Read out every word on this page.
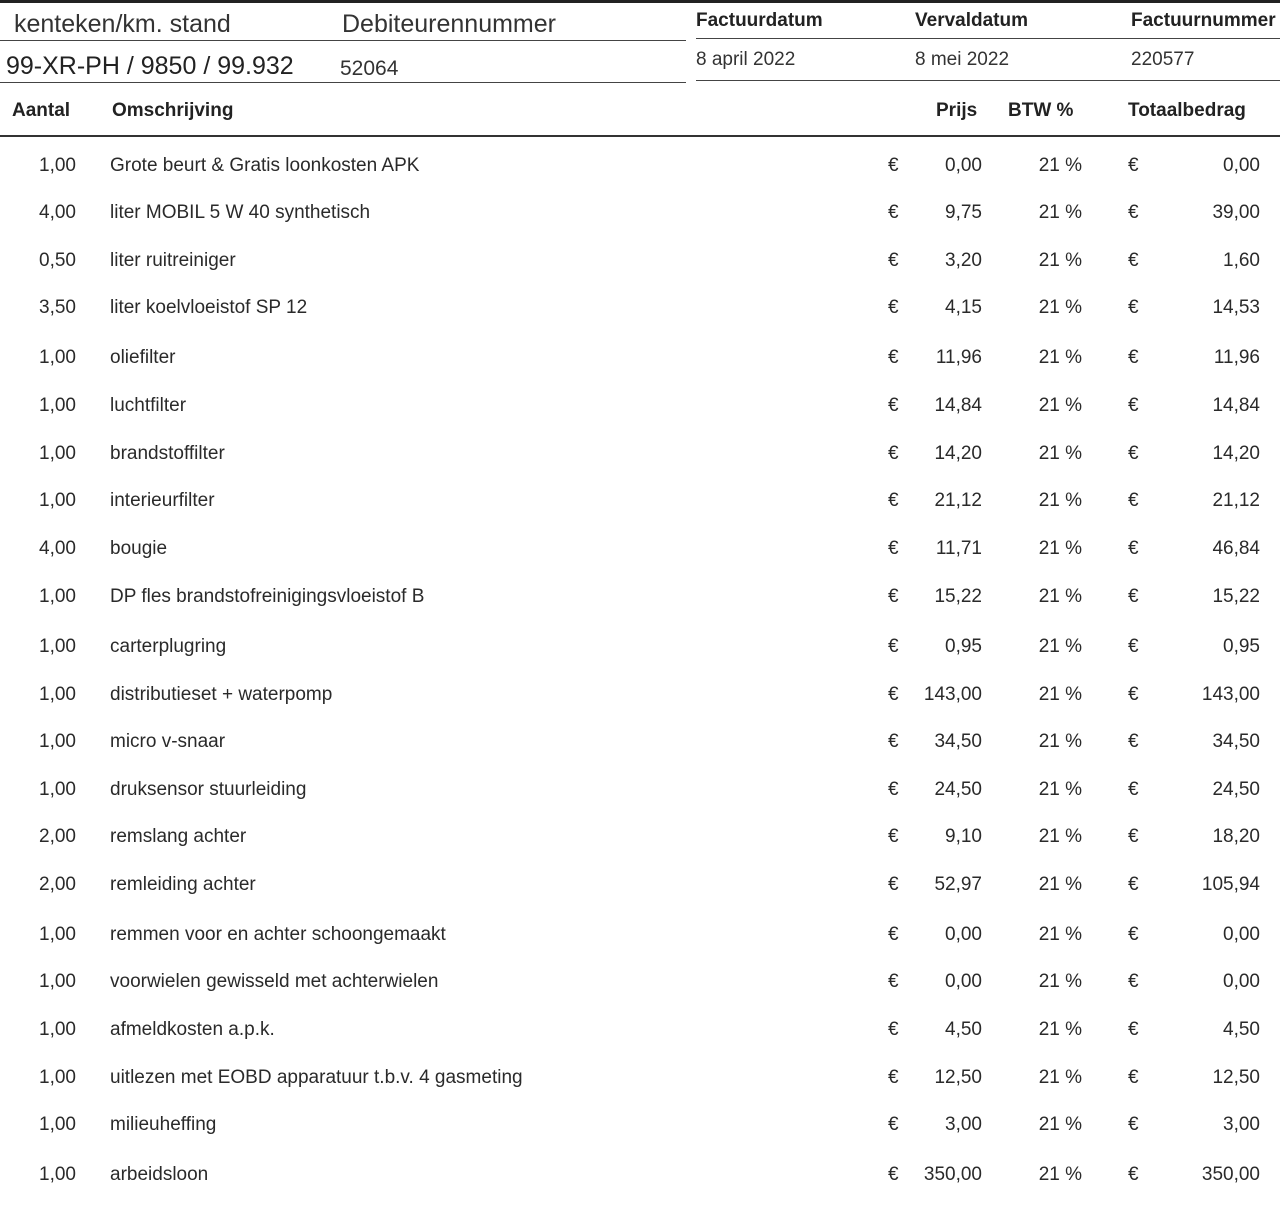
kenteken/km. stand	Debiteurennummer
99-XR-PH / 9850 / 99.932 52064
Factuurdatum	Vervaldatum	Factuurnummer
8 april 2022	8 mei 2022	220577
Aantal Omschrijving	Prijs BTW %	Totaalbedrag
1,00 Grote beurt & Gratis loonkosten APK	€	0,00	21 % €	0,00
4,00 liter MOBIL 5 W 40 synthetisch	€	9,75	21 % €	39,00
0,50 liter ruitreiniger	€	3,20	21 % €	1,60
3,50 liter koelvloeistof SP 12	€	4,15	21 % €	14,53
1,00 oliefilter	€	11,96	21 % €	11,96
1,00 luchtfilter	€	14,84	21 % €	14,84
1,00 brandstoffilter	€	14,20	21 % €	14,20
1,00 interieurfilter	€	21,12	21 % €	21,12
4,00 bougie	€	11,71	21 % €	46,84
1,00 DP fles brandstofreinigingsvloeistof B	€	15,22	21 % €	15,22
1,00 carterplugring	€	0,95	21 % €	0,95
1,00 distributieset + waterpomp	€	143,00	21 % €	143,00
1,00 micro v-snaar	€	34,50	21 % €	34,50
1,00 druksensor stuurleiding	€	24,50	21 % €	24,50
2,00 remslang achter	€	9,10	21 % €	18,20
2,00 remleiding achter	€	52,97	21 % €	105,94
1,00 remmen voor en achter schoongemaakt	€	0,00	21 % €	0,00
1,00 voorwielen gewisseld met achterwielen	€	0,00	21 % €	0,00
1,00 afmeldkosten a.p.k.	€	4,50	21 % €	4,50
1,00 uitlezen met EOBD apparatuur t.b.v. 4 gasmeting	€	12,50	21 % €	12,50
1,00 milieuheffing	€	3,00	21 % €	3,00
1,00 arbeidsloon	€	350,00	21 % €	350,00
